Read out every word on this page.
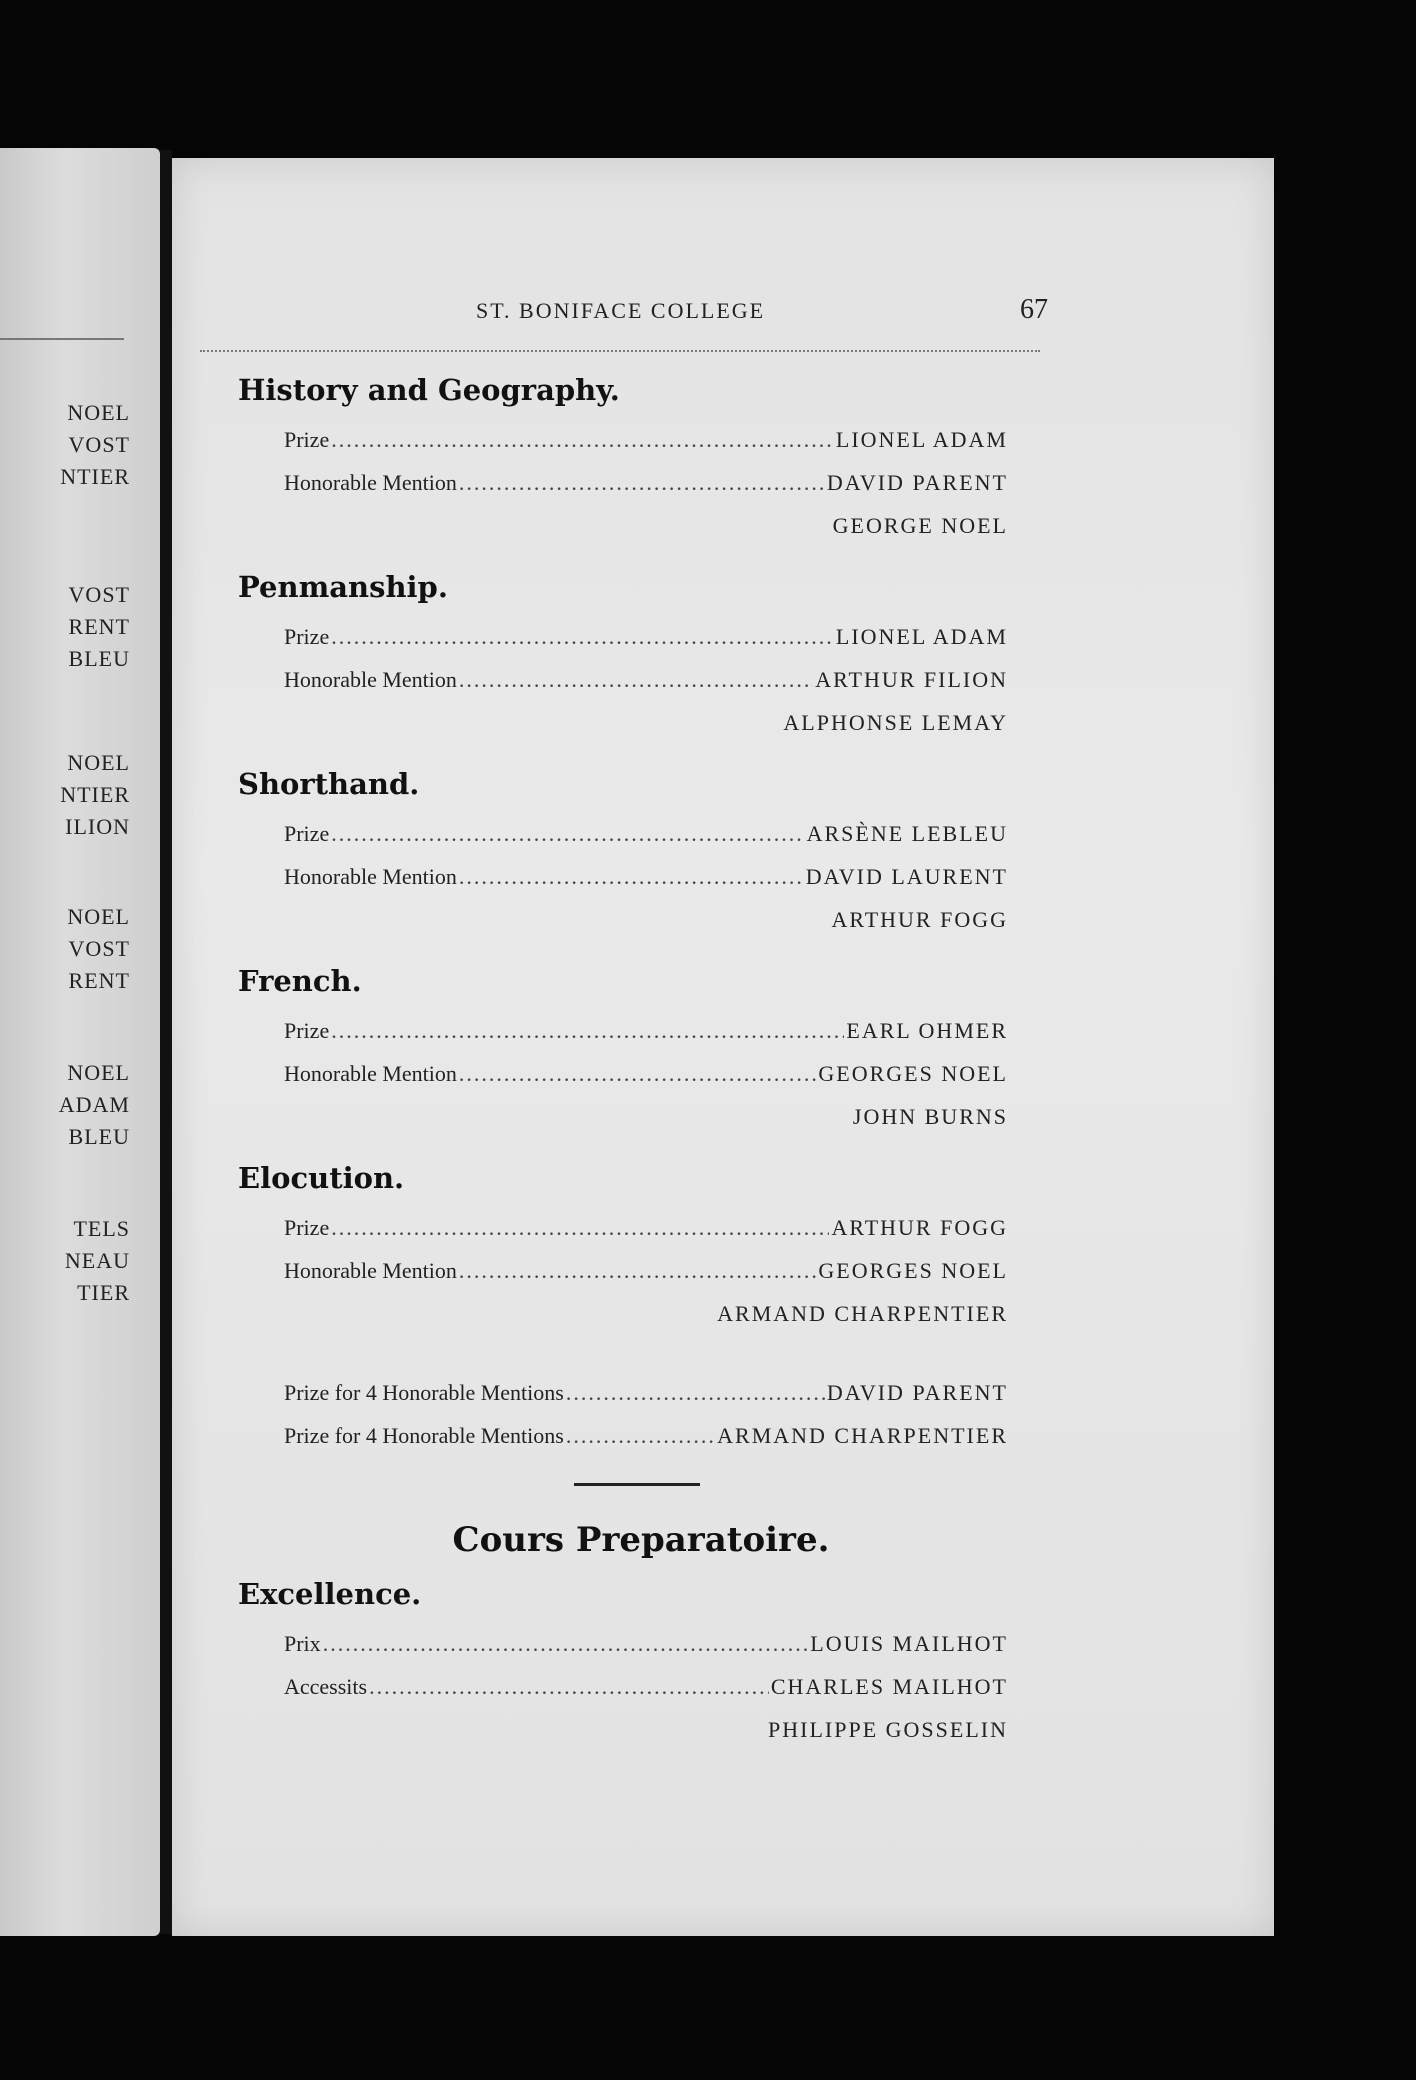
NOEL
VOST
NTIER
VOST
RENT
BLEU
NOEL
NTIER
ILION
NOEL
VOST
RENT
NOEL
ADAM
BLEU
TELS
NEAU
TIER
ST. BONIFACE COLLEGE	67
History and Geography.
Prize .....	LIONEL ADAM
Honorable Mention .....	DAVID PARENT
GEORGE NOEL
Penmanship.
Prize .....	LIONEL ADAM
Honorable Mention .....	ARTHUR FILION
ALPHONSE LEMAY
Shorthand.
Prize .....	ARSÈNE LEBLEU
Honorable Mention .....	DAVID LAURENT
ARTHUR FOGG
French.
Prize .....	EARL OHMER
Honorable Mention .....	GEORGES NOEL
JOHN BURNS
Elocution.
Prize .....	ARTHUR FOGG
Honorable Mention .....	GEORGES NOEL
ARMAND CHARPENTIER
Prize for 4 Honorable Mentions .....	DAVID PARENT
Prize for 4 Honorable Mentions .....	ARMAND CHARPENTIER
Cours Preparatoire.
Excellence.
Prix .....	LOUIS MAILHOT
Accessits .....	CHARLES MAILHOT
PHILIPPE GOSSELIN
